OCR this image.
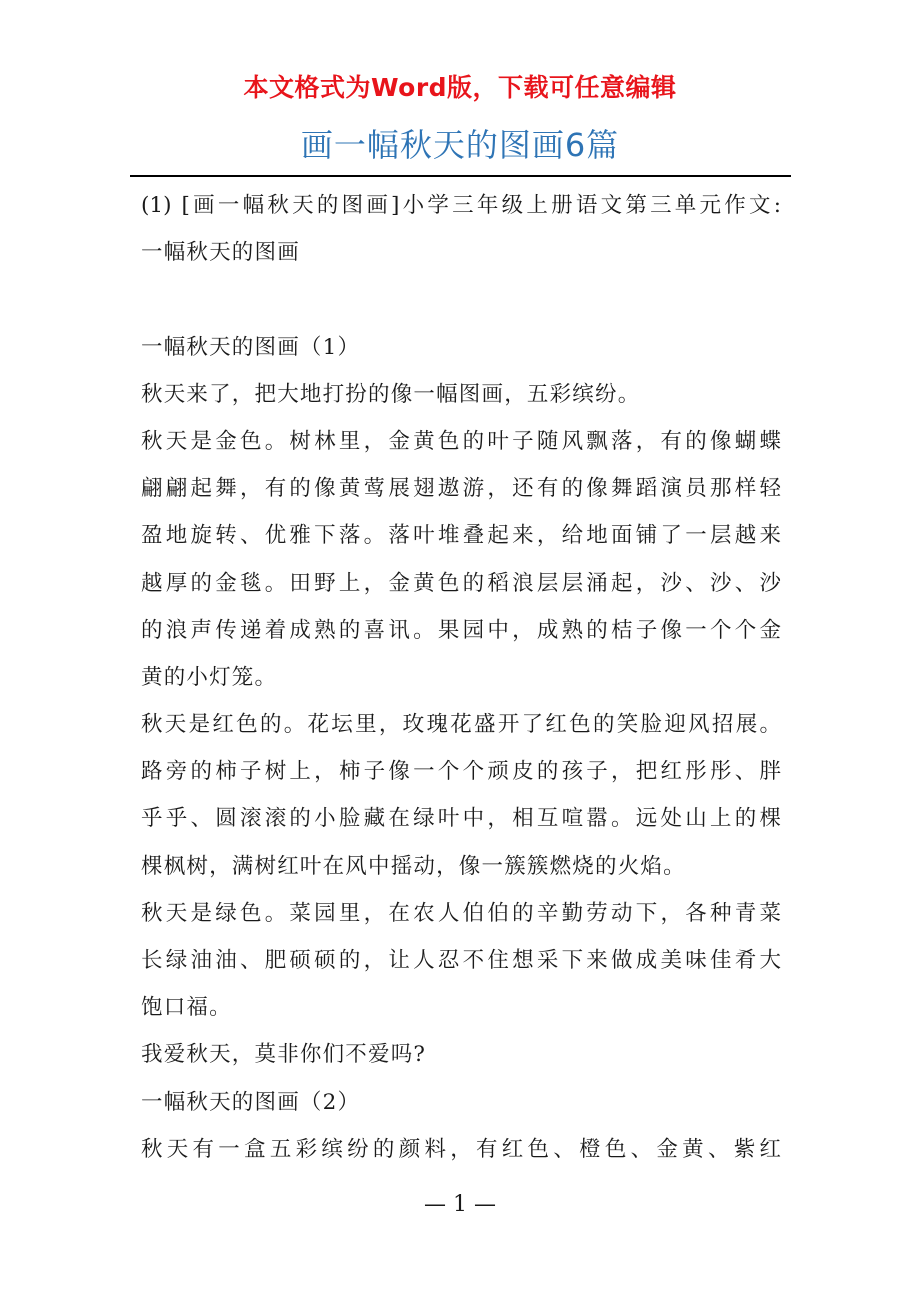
本文格式为Word版，下载可任意编辑
画一幅秋天的图画6篇
(1) [画一幅秋天的图画]小学三年级上册语文第三单元作文:
一幅秋天的图画
一幅秋天的图画（1）
秋天来了，把大地打扮的像一幅图画，五彩缤纷。
秋天是金色。树林里，金黄色的叶子随风飘落，有的像蝴蝶
翩翩起舞，有的像黄莺展翅遨游，还有的像舞蹈演员那样轻
盈地旋转、优雅下落。落叶堆叠起来，给地面铺了一层越来
越厚的金毯。田野上，金黄色的稻浪层层涌起，沙、沙、沙
的浪声传递着成熟的喜讯。果园中，成熟的桔子像一个个金
黄的小灯笼。
秋天是红色的。花坛里，玫瑰花盛开了红色的笑脸迎风招展。
路旁的柿子树上，柿子像一个个顽皮的孩子，把红彤彤、胖
乎乎、圆滚滚的小脸藏在绿叶中，相互喧嚣。远处山上的棵
棵枫树，满树红叶在风中摇动，像一簇簇燃烧的火焰。
秋天是绿色。菜园里，在农人伯伯的辛勤劳动下，各种青菜
长绿油油、肥硕硕的，让人忍不住想采下来做成美味佳肴大
饱口福。
我爱秋天，莫非你们不爱吗?
一幅秋天的图画（2）
秋天有一盒五彩缤纷的颜料，有红色、橙色、金黄、紫红
— 1 —
